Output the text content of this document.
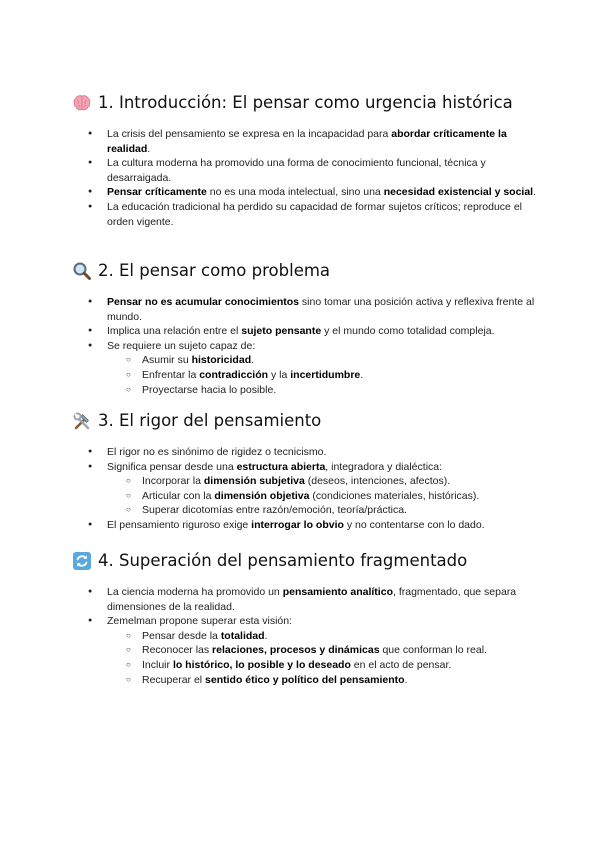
1. Introducción: El pensar como urgencia histórica
● La crisis del pensamiento se expresa en la incapacidad para abordar críticamente la realidad.
● La cultura moderna ha promovido una forma de conocimiento funcional, técnica y desarraigada.
● Pensar críticamente no es una moda intelectual, sino una necesidad existencial y social.
● La educación tradicional ha perdido su capacidad de formar sujetos críticos; reproduce el orden vigente.
2. El pensar como problema
● Pensar no es acumular conocimientos sino tomar una posición activa y reflexiva frente al mundo.
● Implica una relación entre el sujeto pensante y el mundo como totalidad compleja.
● Se requiere un sujeto capaz de:
○ Asumir su historicidad.
○ Enfrentar la contradicción y la incertidumbre.
○ Proyectarse hacia lo posible.
3. El rigor del pensamiento
● El rigor no es sinónimo de rigidez o tecnicismo.
● Significa pensar desde una estructura abierta, integradora y dialéctica:
○ Incorporar la dimensión subjetiva (deseos, intenciones, afectos).
○ Articular con la dimensión objetiva (condiciones materiales, históricas).
○ Superar dicotomías entre razón/emoción, teoría/práctica.
● El pensamiento riguroso exige interrogar lo obvio y no contentarse con lo dado.
4. Superación del pensamiento fragmentado
● La ciencia moderna ha promovido un pensamiento analítico, fragmentado, que separa dimensiones de la realidad.
● Zemelman propone superar esta visión:
○ Pensar desde la totalidad.
○ Reconocer las relaciones, procesos y dinámicas que conforman lo real.
○ Incluir lo histórico, lo posible y lo deseado en el acto de pensar.
○ Recuperar el sentido ético y político del pensamiento.
